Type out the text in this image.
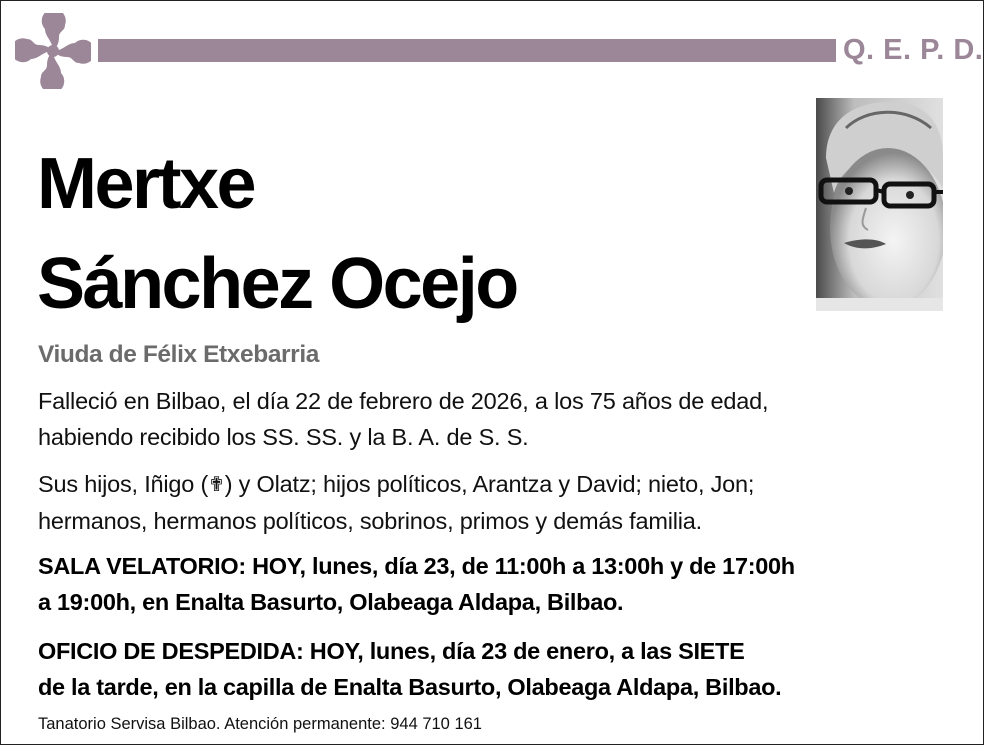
Q. E. P. D.
Mertxe
Sánchez Ocejo
Viuda de Félix Etxebarria
Falleció en Bilbao, el día 22 de febrero de 2026, a los 75 años de edad,
habiendo recibido los SS. SS. y la B. A. de S. S.
Sus hijos, Iñigo (✟) y Olatz; hijos políticos, Arantza y David; nieto, Jon;
hermanos, hermanos políticos, sobrinos, primos y demás familia.
SALA VELATORIO: HOY, lunes, día 23, de 11:00h a 13:00h y de 17:00h
a 19:00h, en Enalta Basurto, Olabeaga Aldapa, Bilbao.
OFICIO DE DESPEDIDA: HOY, lunes, día 23 de enero, a las SIETE
de la tarde, en la capilla de Enalta Basurto, Olabeaga Aldapa, Bilbao.
Tanatorio Servisa Bilbao. Atención permanente: 944 710 161
